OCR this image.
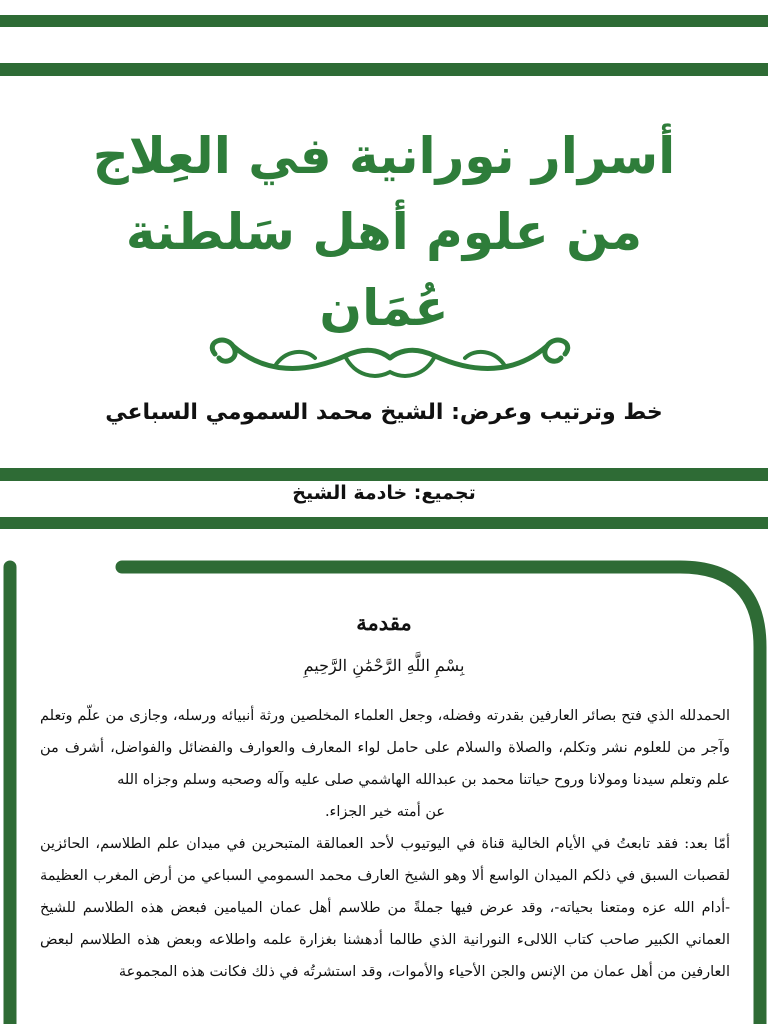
أسرار نورانية في العِلاج
من علوم أهل سَلطنة
عُمَان
خط وترتيب وعرض: الشيخ محمد السمومي السباعي
تجميع: خادمة الشيخ
مقدمة
بِسْمِ اللَّهِ الرَّحْمَٰنِ الرَّحِيمِ

الحمدلله الذي فتح بصائر العارفين بقدرته وفضله، وجعل العلماء المخلصين ورثة أنبيائه ورسله، وجازى من علّم وتعلم وآجر من للعلوم نشر وتكلم، والصلاة والسلام على حامل لواء المعارف والعوارف والفضائل والفواضل، أشرف من علم وتعلم سيدنا ومولانا وروح حياتنا محمد بن عبدالله الهاشمي صلى عليه وآله وصحبه وسلم وجزاه الله

عن أمته خير الجزاء.

أمّا بعد: فقد تابعتُ في الأيام الخالية قناة في اليوتيوب لأحد العمالقة المتبحرين في ميدان علم الطلاسم، الحائزين لقصبات السبق في ذلكم الميدان الواسع ألا وهو الشيخ العارف محمد السمومي السباعي من أرض المغرب العظيمة -أدام الله عزه ومتعنا بحياته-، وقد عرض فيها جملةً من طلاسم أهل عمان الميامين فبعض هذه الطلاسم للشيخ العماني الكبير صاحب كتاب اللالىء النورانية الذي طالما أدهشنا بغزارة علمه واطلاعه وبعض هذه الطلاسم لبعض العارفين من أهل عمان من الإنس والجن الأحياء والأموات، وقد استشرتُه في ذلك فكانت هذه المجموعة
